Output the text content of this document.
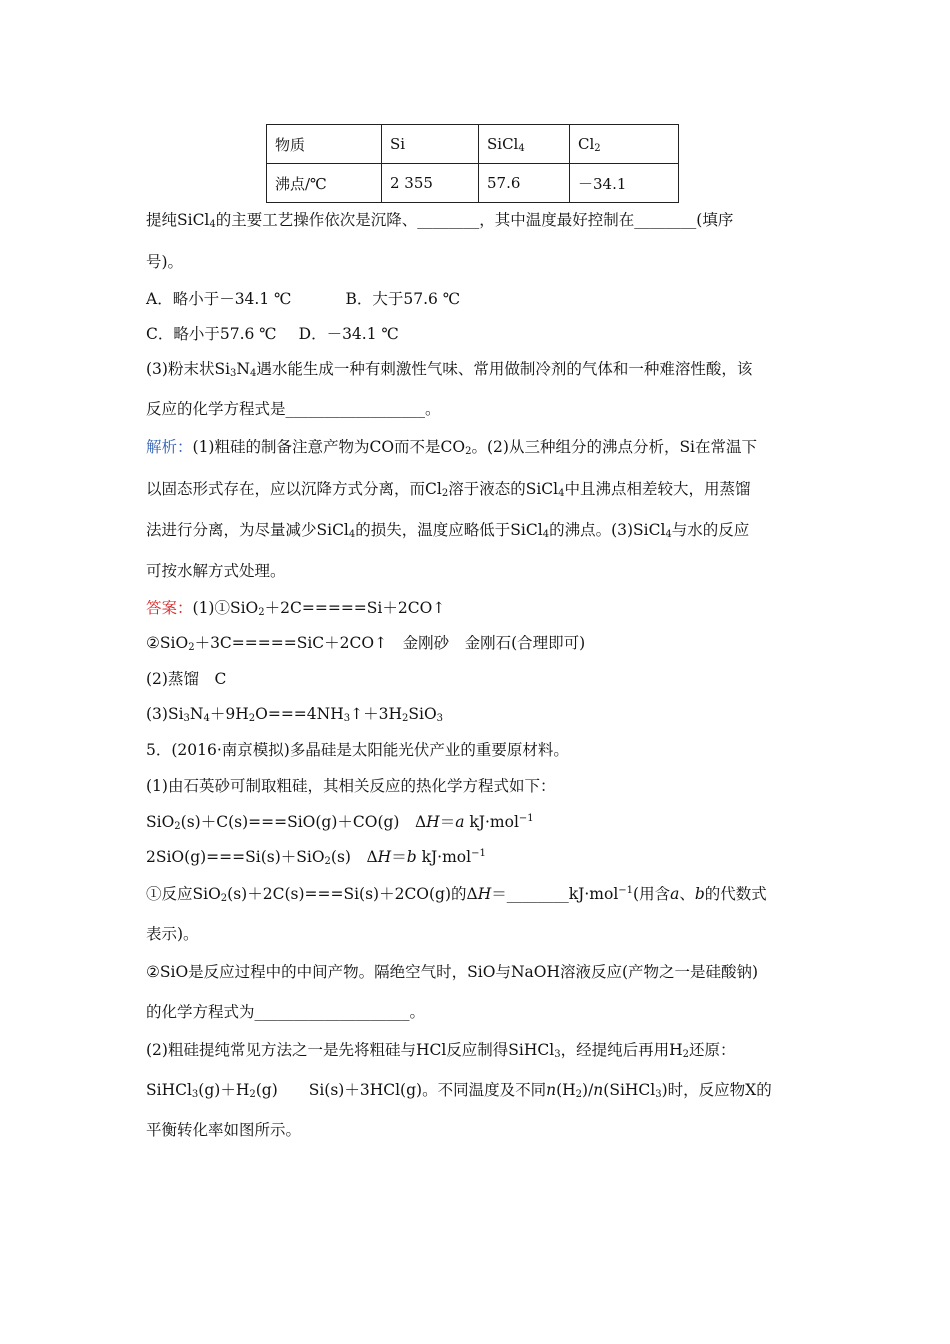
物质	Si	SiCl$_4$	$Cl_2$
沸点/℃	2 355	57.6	－34.1
提纯SiCl$_4$的主要工艺操作依次是沉降、________，其中温度最好控制在________(填序
号)。
A．略小于－34.1 ℃	B．大于57.6 ℃
C．略小于57.6 ℃ D．－34.1 ℃
(3)粉末状$Si_3N_4$遇水能生成一种有刺激性气味、常用做制冷剂的气体和一种难溶性酸，该
反应的化学方程式是__________________。
解析：(1)粗硅的制备注意产物为CO而不是$CO_2$。(2)从三种组分的沸点分析，Si在常温下
以固态形式存在，应以沉降方式分离，而$Cl_2$溶于液态的SiCl$_4$中且沸点相差较大，用蒸馏
法进行分离，为尽量减少SiCl$_4$的损失，温度应略低于SiCl$_4$的沸点。(3)SiCl$_4$与水的反应
可按水解方式处理。
答案：(1)①SiO$_2$＋2C=====Si＋2CO↑
②SiO$_2$＋3C=====SiC＋2CO↑　金刚砂　金刚石(合理即可)
(2)蒸馏　C
$(3)Si_3N_4+9H_2O===4NH_3↑+3H_2SiO_3$
5．(2016·南京模拟)多晶硅是太阳能光伏产业的重要原材料。
(1)由石英砂可制取粗硅，其相关反应的热化学方程式如下：
SiO$_2$(s)＋C(s)===SiO(g)＋CO(g)　ΔH＝a kJ·mol$^{-1}$
2SiO(g)===Si(s)＋SiO$_2$(s)　ΔH＝b kJ·mol$^{-1}$
①反应SiO$_2$(s)＋2C(s)===Si(s)＋2CO(g)的ΔH＝________kJ·mol$^{-1}$(用含a、b的代数式
表示)。
②SiO是反应过程中的中间产物。隔绝空气时，SiO与NaOH溶液反应(产物之一是硅酸钠)
的化学方程式为____________________。
(2)粗硅提纯常见方法之一是先将粗硅与HCl反应制得SiHCl$_3$，经提纯后再用$H_2$还原：
$SiHCl_3(g)+H_2(g)$　　Si(s)＋3HCl(g)。不同温度及不同$n(H_2)/n(SiHCl_3)$时，反应物X的
平衡转化率如图所示。
